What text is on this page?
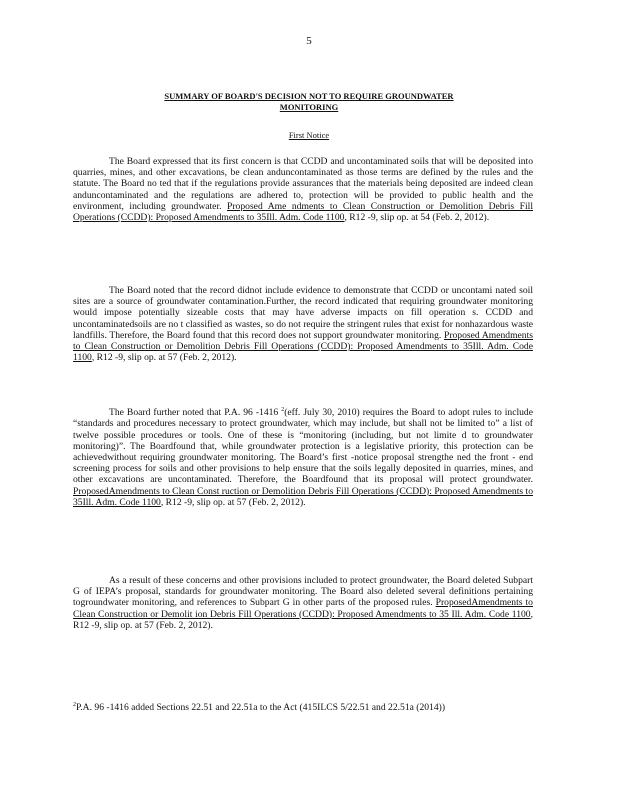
5
SUMMARY OF BOARD'S DECISION NOT TO REQUIRE GROUNDWATER
MONITORING
First Notice

The Board expressed that its first concern is that CCDD and uncontaminated soils that will be deposited into quarries, mines, and other excavations, be clean anduncontaminated as those terms are defined by the rules and the statute. The Board no ted that if the regulations provide assurances that the materials being deposited are indeed clean anduncontaminated and the regulations are adhered to, protection will be provided to public health and the environment, including groundwater. Proposed Ame ndments to Clean Construction or Demolition Debris Fill Operations (CCDD): Proposed Amendments to 35Ill. Adm. Code 1100, R12 -9, slip op. at 54 (Feb. 2, 2012).

The Board noted that the record didnot include evidence to demonstrate that CCDD or uncontami nated soil sites are a source of groundwater contamination.Further, the record indicated that requiring groundwater monitoring would impose potentially sizeable costs that may have adverse impacts on fill operation s. CCDD and uncontaminatedsoils are no t classified as wastes, so do not require the stringent rules that exist for nonhazardous waste landfills. Therefore, the Board found that this record does not support groundwater monitoring. Proposed Amendments to Clean Construction or Demolition Debris Fill Operations (CCDD): Proposed Amendments to 35Ill. Adm. Code 1100, R12 -9, slip op. at 57 (Feb. 2, 2012).

The Board further noted that P.A. 96 -1416 $^2$(eff. July 30, 2010) requires the Board to adopt rules to include “standards and procedures necessary to protect groundwater, which may include, but shall not be limited to” a list of twelve possible procedures or tools. One of these is “monitoring (including, but not limite d to groundwater monitoring)”. The Boardfound that, while groundwater protection is a legislative priority, this protection can be achievedwithout requiring groundwater monitoring. The Board’s first -notice proposal strengthe ned the front - end screening process for soils and other provisions to help ensure that the soils legally deposited in quarries, mines, and other excavations are uncontaminated. Therefore, the Boardfound that its proposal will protect groundwater. ProposedAmendments to Clean Const ruction or Demolition Debris Fill Operations (CCDD): Proposed Amendments to 35Ill. Adm. Code 1100, R12 -9, slip op. at 57 (Feb. 2, 2012).

As a result of these concerns and other provisions included to protect groundwater, the Board deleted Subpart G of IEPA’s proposal, standards for groundwater monitoring. The Board also deleted several definitions pertaining togroundwater monitoring, and references to Subpart G in other parts of the proposed rules. ProposedAmendments to Clean Construction or Demolit ion Debris Fill Operations (CCDD): Proposed Amendments to 35 Ill. Adm. Code 1100, R12 -9, slip op. at 57 (Feb. 2, 2012).

$^2$P.A. 96 -1416 added Sections 22.51 and 22.51a to the Act (415ILCS 5/22.51 and 22.51a (2014))
